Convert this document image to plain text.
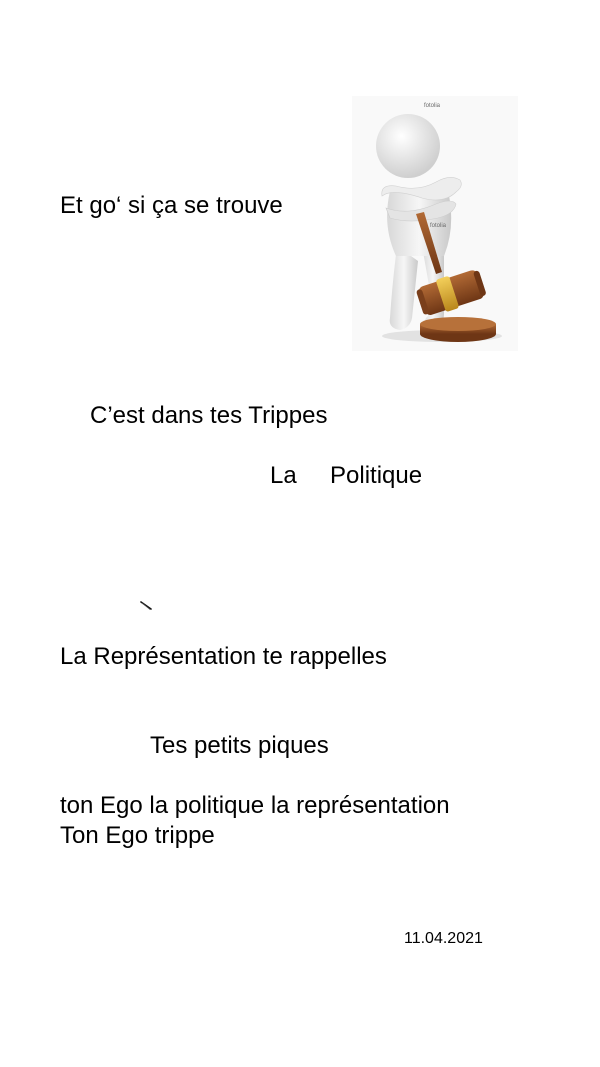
Et go‘ si ça se trouve

fotolia
fotolia

C’est dans tes Trippes

La Politique

La Représentation te rappelles

Tes petits piques

ton Ego la politique la représentation

Ton Ego trippe

11.04.2021
